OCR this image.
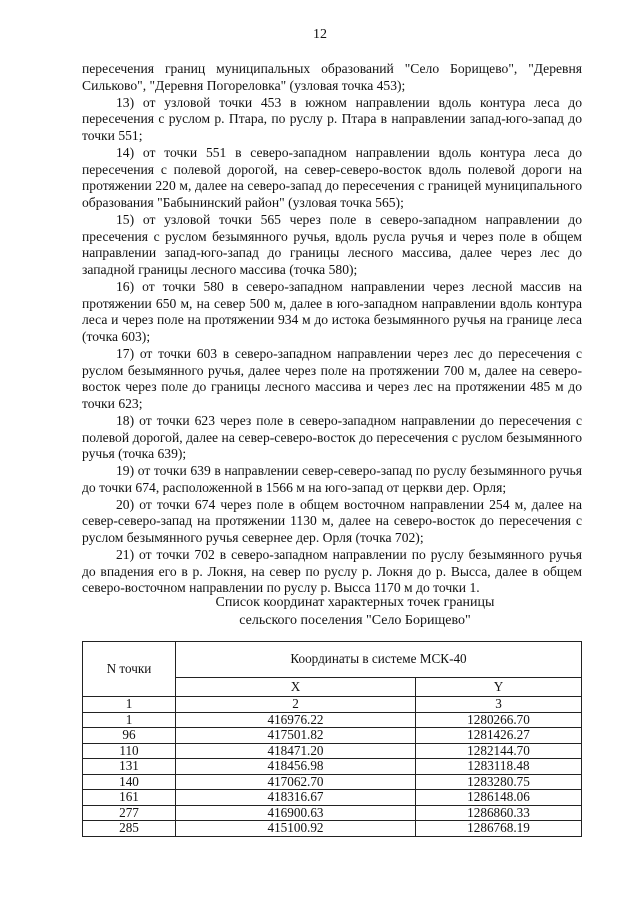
12

пересечения границ муниципальных образований "Село Борищево", "Деревня Сильково", "Деревня Погореловка" (узловая точка 453);

13) от узловой точки 453 в южном направлении вдоль контура леса до пересечения с руслом р. Птара, по руслу р. Птара в направлении запад-юго-запад до точки 551;

14) от точки 551 в северо-западном направлении вдоль контура леса до пересечения с полевой дорогой, на север-северо-восток вдоль полевой дороги на протяжении 220 м, далее на северо-запад до пересечения с границей муниципального образования "Бабынинский район" (узловая точка 565);

15) от узловой точки 565 через поле в северо-западном направлении до пресечения с руслом безымянного ручья, вдоль русла ручья и через поле в общем направлении запад-юго-запад до границы лесного массива, далее через лес до западной границы лесного массива (точка 580);

16) от точки 580 в северо-западном направлении через лесной массив на протяжении 650 м, на север 500 м, далее в юго-западном направлении вдоль контура леса и через поле на протяжении 934 м до истока безымянного ручья на границе леса (точка 603);

17) от точки 603 в северо-западном направлении через лес до пересечения с руслом безымянного ручья, далее через поле на протяжении 700 м, далее на северо-восток через поле до границы лесного массива и через лес на протяжении 485 м до точки 623;

18) от точки 623 через поле в северо-западном направлении до пересечения с полевой дорогой, далее на север-северо-восток до пересечения с руслом безымянного ручья (точка 639);

19) от точки 639 в направлении север-северо-запад по руслу безымянного ручья до точки 674, расположенной в 1566 м на юго-запад от церкви дер. Орля;

20) от точки 674 через поле в общем восточном направлении 254 м, далее на север-северо-запад на протяжении 1130 м, далее на северо-восток до пересечения с руслом безымянного ручья севернее дер. Орля (точка 702);

21) от точки 702 в северо-западном направлении по руслу безымянного ручья до впадения его в р. Локня, на север по руслу р. Локня до р. Высса, далее в общем северо-восточном направлении по руслу р. Высса 1170 м до точки 1.

Список координат характерных точек границы
сельского поселения "Село Борищево"
N точки	Координаты в системе МСК-40	
	X	Y
1	2	3
1	416976.22	1280266.70
96	417501.82	1281426.27
110	418471.20	1282144.70
131	418456.98	1283118.48
140	417062.70	1283280.75
161	418316.67	1286148.06
277	416900.63	1286860.33
285	415100.92	1286768.19
